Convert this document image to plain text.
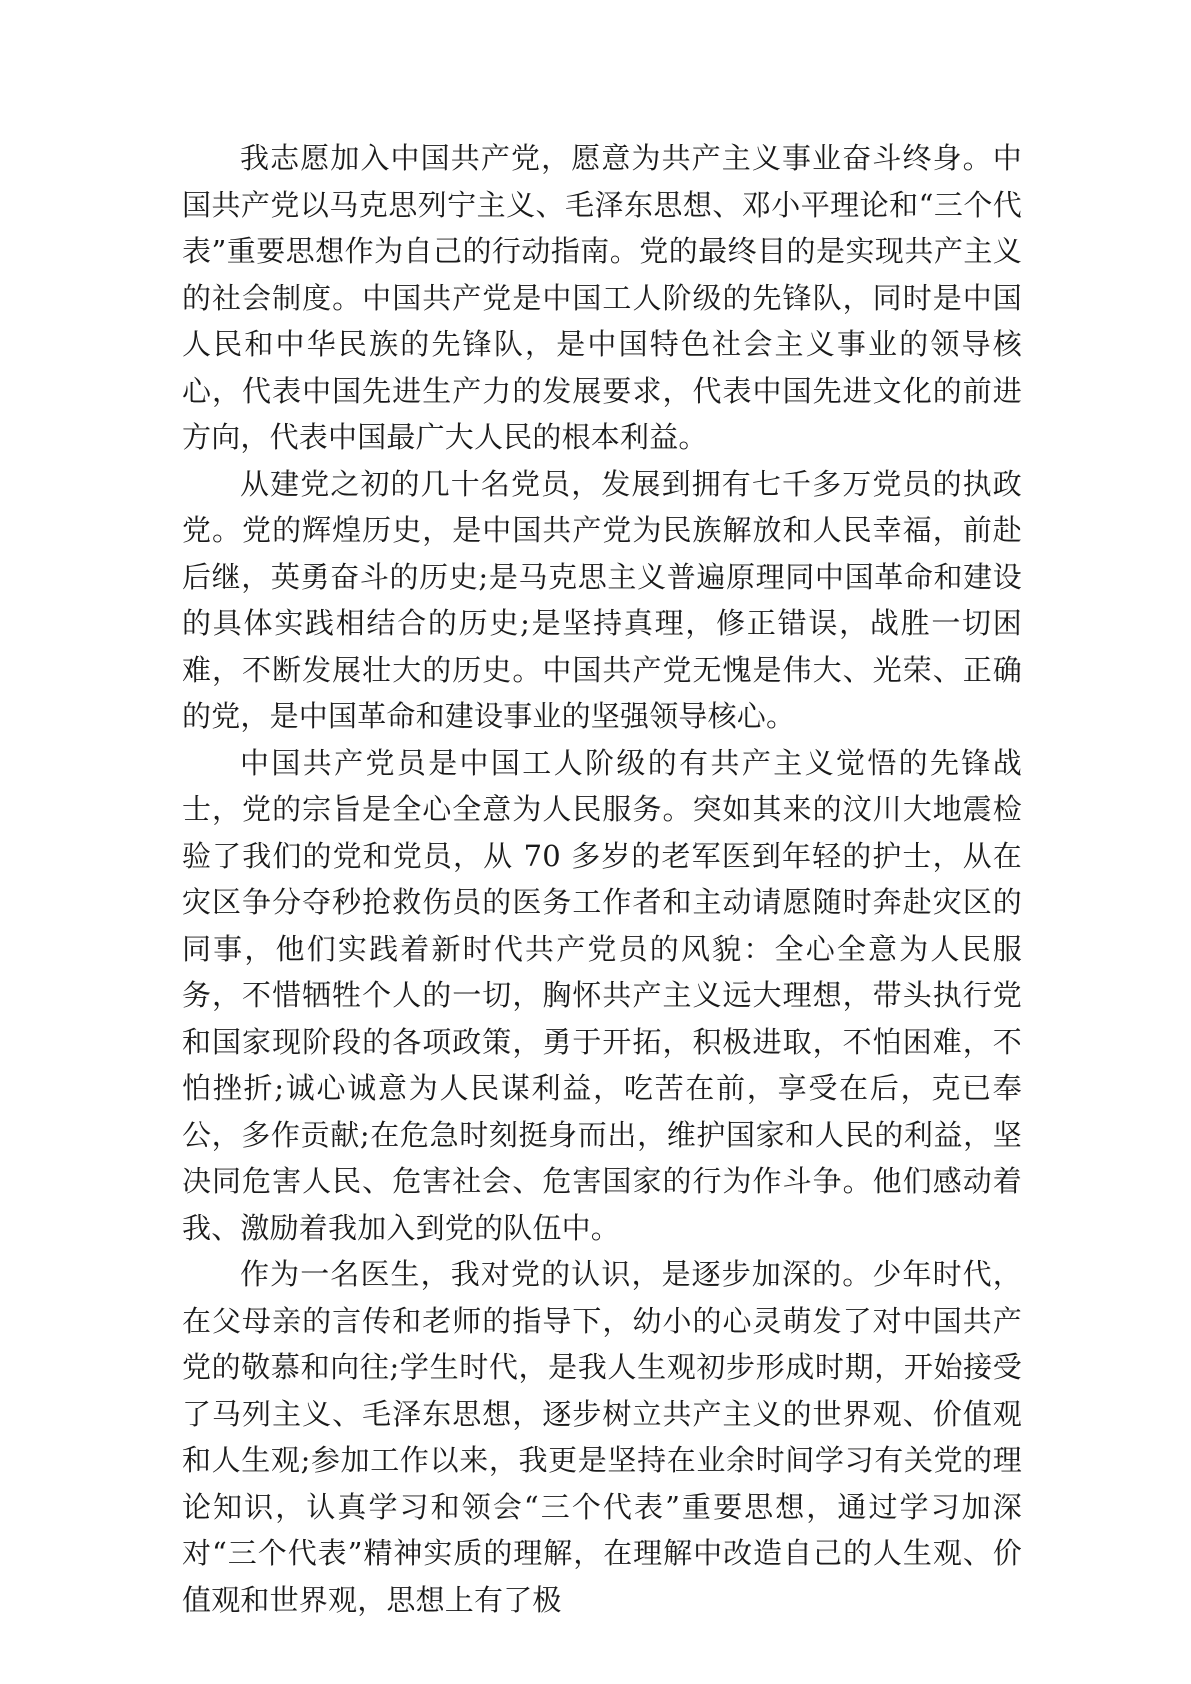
我志愿加入中国共产党，愿意为共产主义事业奋斗终身。中国共产党以马克思列宁主义、毛泽东思想、邓小平理论和“三个代表”重要思想作为自己的行动指南。党的最终目的是实现共产主义的社会制度。中国共产党是中国工人阶级的先锋队，同时是中国人民和中华民族的先锋队，是中国特色社会主义事业的领导核心，代表中国先进生产力的发展要求，代表中国先进文化的前进方向，代表中国最广大人民的根本利益。

从建党之初的几十名党员，发展到拥有七千多万党员的执政党。党的辉煌历史，是中国共产党为民族解放和人民幸福，前赴后继，英勇奋斗的历史;是马克思主义普遍原理同中国革命和建设的具体实践相结合的历史;是坚持真理，修正错误，战胜一切困难，不断发展壮大的历史。中国共产党无愧是伟大、光荣、正确的党，是中国革命和建设事业的坚强领导核心。

中国共产党员是中国工人阶级的有共产主义觉悟的先锋战士，党的宗旨是全心全意为人民服务。突如其来的汶川大地震检验了我们的党和党员，从 70 多岁的老军医到年轻的护士，从在灾区争分夺秒抢救伤员的医务工作者和主动请愿随时奔赴灾区的同事，他们实践着新时代共产党员的风貌：全心全意为人民服务，不惜牺牲个人的一切，胸怀共产主义远大理想，带头执行党和国家现阶段的各项政策，勇于开拓，积极进取，不怕困难，不怕挫折;诚心诚意为人民谋利益，吃苦在前，享受在后，克已奉公，多作贡献;在危急时刻挺身而出，维护国家和人民的利益，坚决同危害人民、危害社会、危害国家的行为作斗争。他们感动着我、激励着我加入到党的队伍中。

作为一名医生，我对党的认识，是逐步加深的。少年时代，在父母亲的言传和老师的指导下，幼小的心灵萌发了对中国共产党的敬慕和向往;学生时代，是我人生观初步形成时期，开始接受了马列主义、毛泽东思想，逐步树立共产主义的世界观、价值观和人生观;参加工作以来，我更是坚持在业余时间学习有关党的理论知识，认真学习和领会“三个代表”重要思想，通过学习加深对“三个代表”精神实质的理解，在理解中改造自己的人生观、价值观和世界观，思想上有了极
